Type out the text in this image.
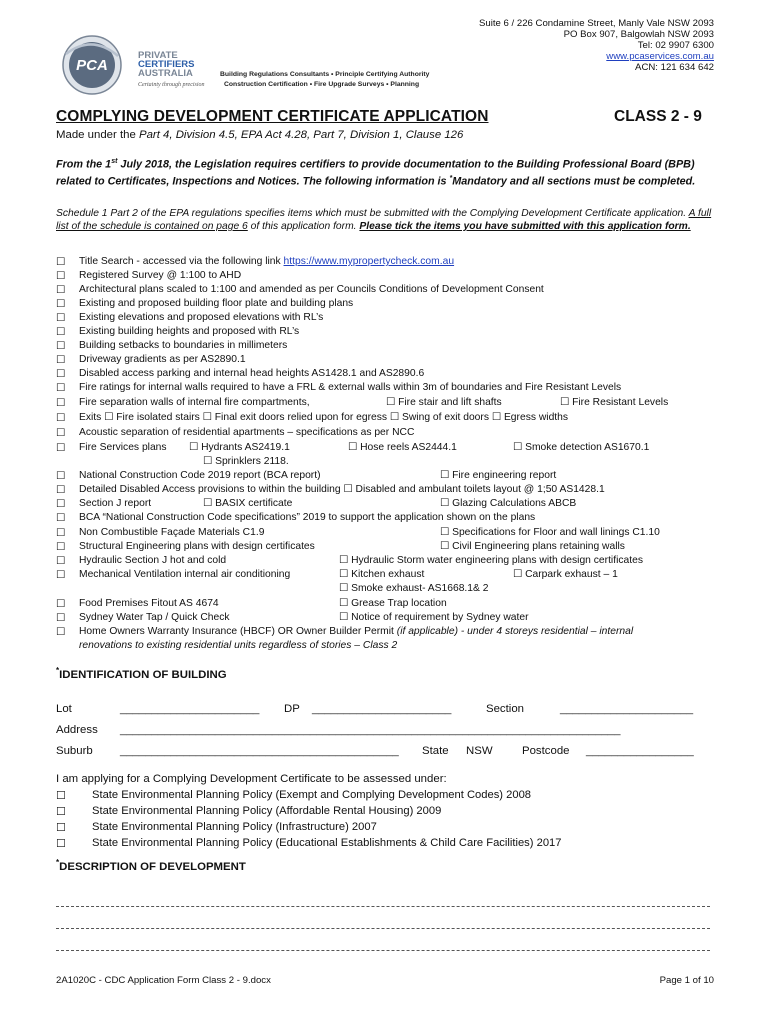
Suite 6 / 226 Condamine Street, Manly Vale NSW 2093
PO Box 907, Balgowlah NSW 2093
Tel: 02 9907 6300
www.pcaservices.com.au
ACN: 121 634 642
PCA
PRIVATE
CERTIFIERS
AUSTRALIA
Certainty through precision
Building Regulations Consultants • Principle Certifying Authority
Construction Certification • Fire Upgrade Surveys • Planning
COMPLYING DEVELOPMENT CERTIFICATE APPLICATION	CLASS 2 - 9
Made under the Part 4, Division 4.5, EPA Act 4.28, Part 7, Division 1, Clause 126
From the 1st July 2018, the Legislation requires certifiers to provide documentation to the Building Professional Board (BPB) related to Certificates, Inspections and Notices. The following information is *Mandatory and all sections must be completed.
Schedule 1 Part 2 of the EPA regulations specifies items which must be submitted with the Complying Development Certificate application. A full list of the schedule is contained on page 6 of this application form. Please tick the items you have submitted with this application form.
☐ Title Search - accessed via the following link https://www.mypropertycheck.com.au
☐ Registered Survey @ 1:100 to AHD
☐ Architectural plans scaled to 1:100 and amended as per Councils Conditions of Development Consent
☐ Existing and proposed building floor plate and building plans
☐ Existing elevations and proposed elevations with RL’s
☐ Existing building heights and proposed with RL’s
☐ Building setbacks to boundaries in millimeters
☐ Driveway gradients as per AS2890.1
☐ Disabled access parking and internal head heights AS1428.1 and AS2890.6
☐ Fire ratings for internal walls required to have a FRL & external walls within 3m of boundaries and Fire Resistant Levels
☐ Fire separation walls of internal fire compartments,	☐ Fire stair and lift shafts	☐ Fire Resistant Levels
☐ Exits ☐ Fire isolated stairs ☐ Final exit doors relied upon for egress ☐ Swing of exit doors ☐ Egress widths
☐ Acoustic separation of residential apartments – specifications as per NCC
☐ Fire Services plans ☐ Hydrants AS2419.1	☐ Hose reels AS2444.1	☐ Smoke detection AS1670.1
☐ Sprinklers 2118.
☐ National Construction Code 2019 report (BCA report)	☐ Fire engineering report
☐ Detailed Disabled Access provisions to within the building ☐ Disabled and ambulant toilets layout @ 1;50 AS1428.1
☐ Section J report	☐ BASIX certificate	☐ Glazing Calculations ABCB
☐ BCA “National Construction Code specifications” 2019 to support the application shown on the plans
☐ Non Combustible Façade Materials C1.9	☐ Specifications for Floor and wall linings C1.10
☐ Structural Engineering plans with design certificates	☐ Civil Engineering plans retaining walls
☐ Hydraulic Section J hot and cold	☐ Hydraulic Storm water engineering plans with design certificates
☐ Mechanical Ventilation internal air conditioning	☐ Kitchen exhaust	☐ Carpark exhaust – 1
☐ Smoke exhaust- AS1668.1& 2
☐ Food Premises Fitout AS 4674	☐ Grease Trap location
☐ Sydney Water Tap / Quick Check	☐ Notice of requirement by Sydney water
☐ Home Owners Warranty Insurance (HBCF) OR Owner Builder Permit (if applicable) - under 4 storeys residential – internal
renovations to existing residential units regardless of stories – Class 2
*IDENTIFICATION OF BUILDING
Lot	______________________ DP ______________________	Section	_____________________
Address _______________________________________________________________________________
Suburb ____________________________________________ State NSW	Postcode _________________
I am applying for a Complying Development Certificate to be assessed under:
☐ State Environmental Planning Policy (Exempt and Complying Development Codes) 2008
☐ State Environmental Planning Policy (Affordable Rental Housing) 2009
☐ State Environmental Planning Policy (Infrastructure) 2007
☐ State Environmental Planning Policy (Educational Establishments & Child Care Facilities) 2017
*DESCRIPTION OF DEVELOPMENT
2A1020C - CDC Application Form Class 2 - 9.docx	Page 1 of 10
